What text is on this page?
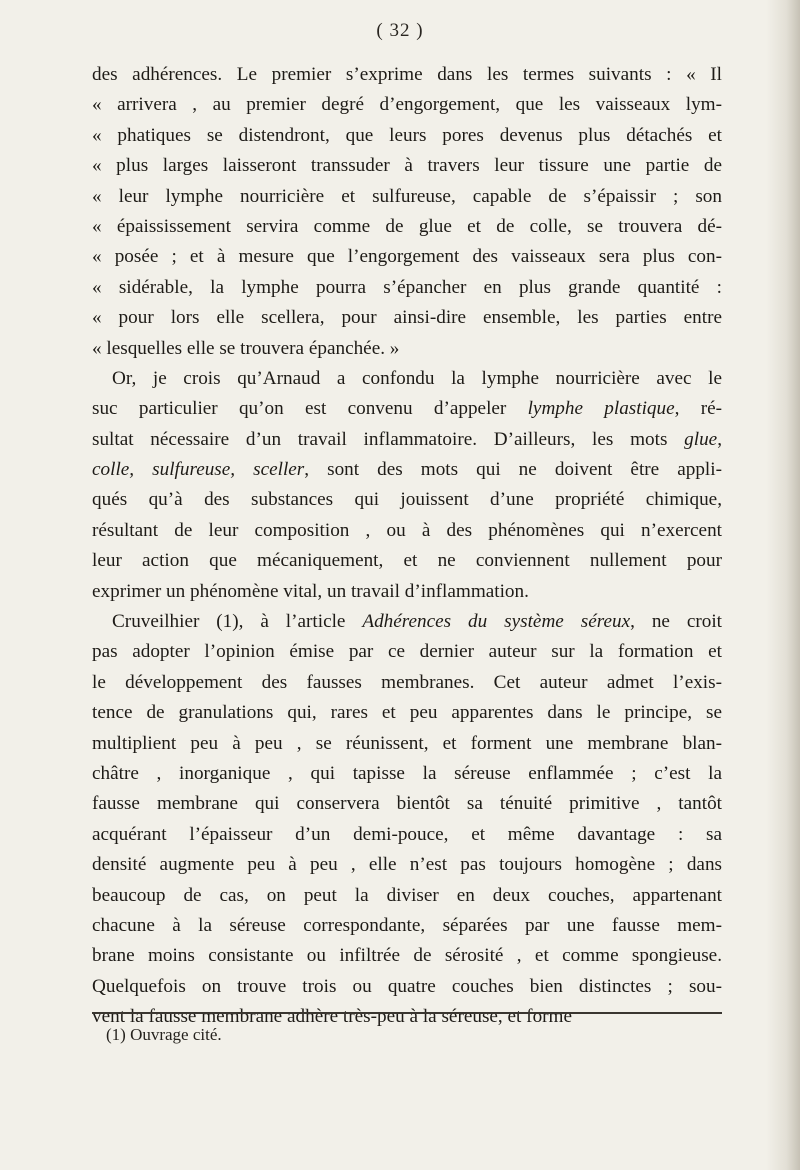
( 32 )
des adhérences. Le premier s’exprime dans les termes suivants : « Il
« arrivera , au premier degré d’engorgement, que les vaisseaux lym-
« phatiques se distendront, que leurs pores devenus plus détachés et
« plus larges laisseront transsuder à travers leur tissure une partie de
« leur lymphe nourricière et sulfureuse, capable de s’épaissir ; son
« épaississement servira comme de glue et de colle, se trouvera dé-
« posée ; et à mesure que l’engorgement des vaisseaux sera plus con-
« sidérable, la lymphe pourra s’épancher en plus grande quantité :
« pour lors elle scellera, pour ainsi-dire ensemble, les parties entre
« lesquelles elle se trouvera épanchée. »
Or, je crois qu’Arnaud a confondu la lymphe nourricière avec le
suc particulier qu’on est convenu d’appeler lymphe plastique, ré-
sultat nécessaire d’un travail inflammatoire. D’ailleurs, les mots glue,
colle, sulfureuse, sceller, sont des mots qui ne doivent être appli-
qués qu’à des substances qui jouissent d’une propriété chimique,
résultant de leur composition , ou à des phénomènes qui n’exercent
leur action que mécaniquement, et ne conviennent nullement pour
exprimer un phénomène vital, un travail d’inflammation.
Cruveilhier (1), à l’article Adhérences du système séreux, ne croit
pas adopter l’opinion émise par ce dernier auteur sur la formation et
le développement des fausses membranes. Cet auteur admet l’exis-
tence de granulations qui, rares et peu apparentes dans le principe, se
multiplient peu à peu , se réunissent, et forment une membrane blan-
châtre , inorganique , qui tapisse la séreuse enflammée ; c’est la
fausse membrane qui conservera bientôt sa ténuité primitive , tantôt
acquérant l’épaisseur d’un demi-pouce, et même davantage : sa
densité augmente peu à peu , elle n’est pas toujours homogène ; dans
beaucoup de cas, on peut la diviser en deux couches, appartenant
chacune à la séreuse correspondante, séparées par une fausse mem-
brane moins consistante ou infiltrée de sérosité , et comme spongieuse.
Quelquefois on trouve trois ou quatre couches bien distinctes ; sou-
vent la fausse membrane adhère très-peu à la séreuse, et forme
(1) Ouvrage cité.
